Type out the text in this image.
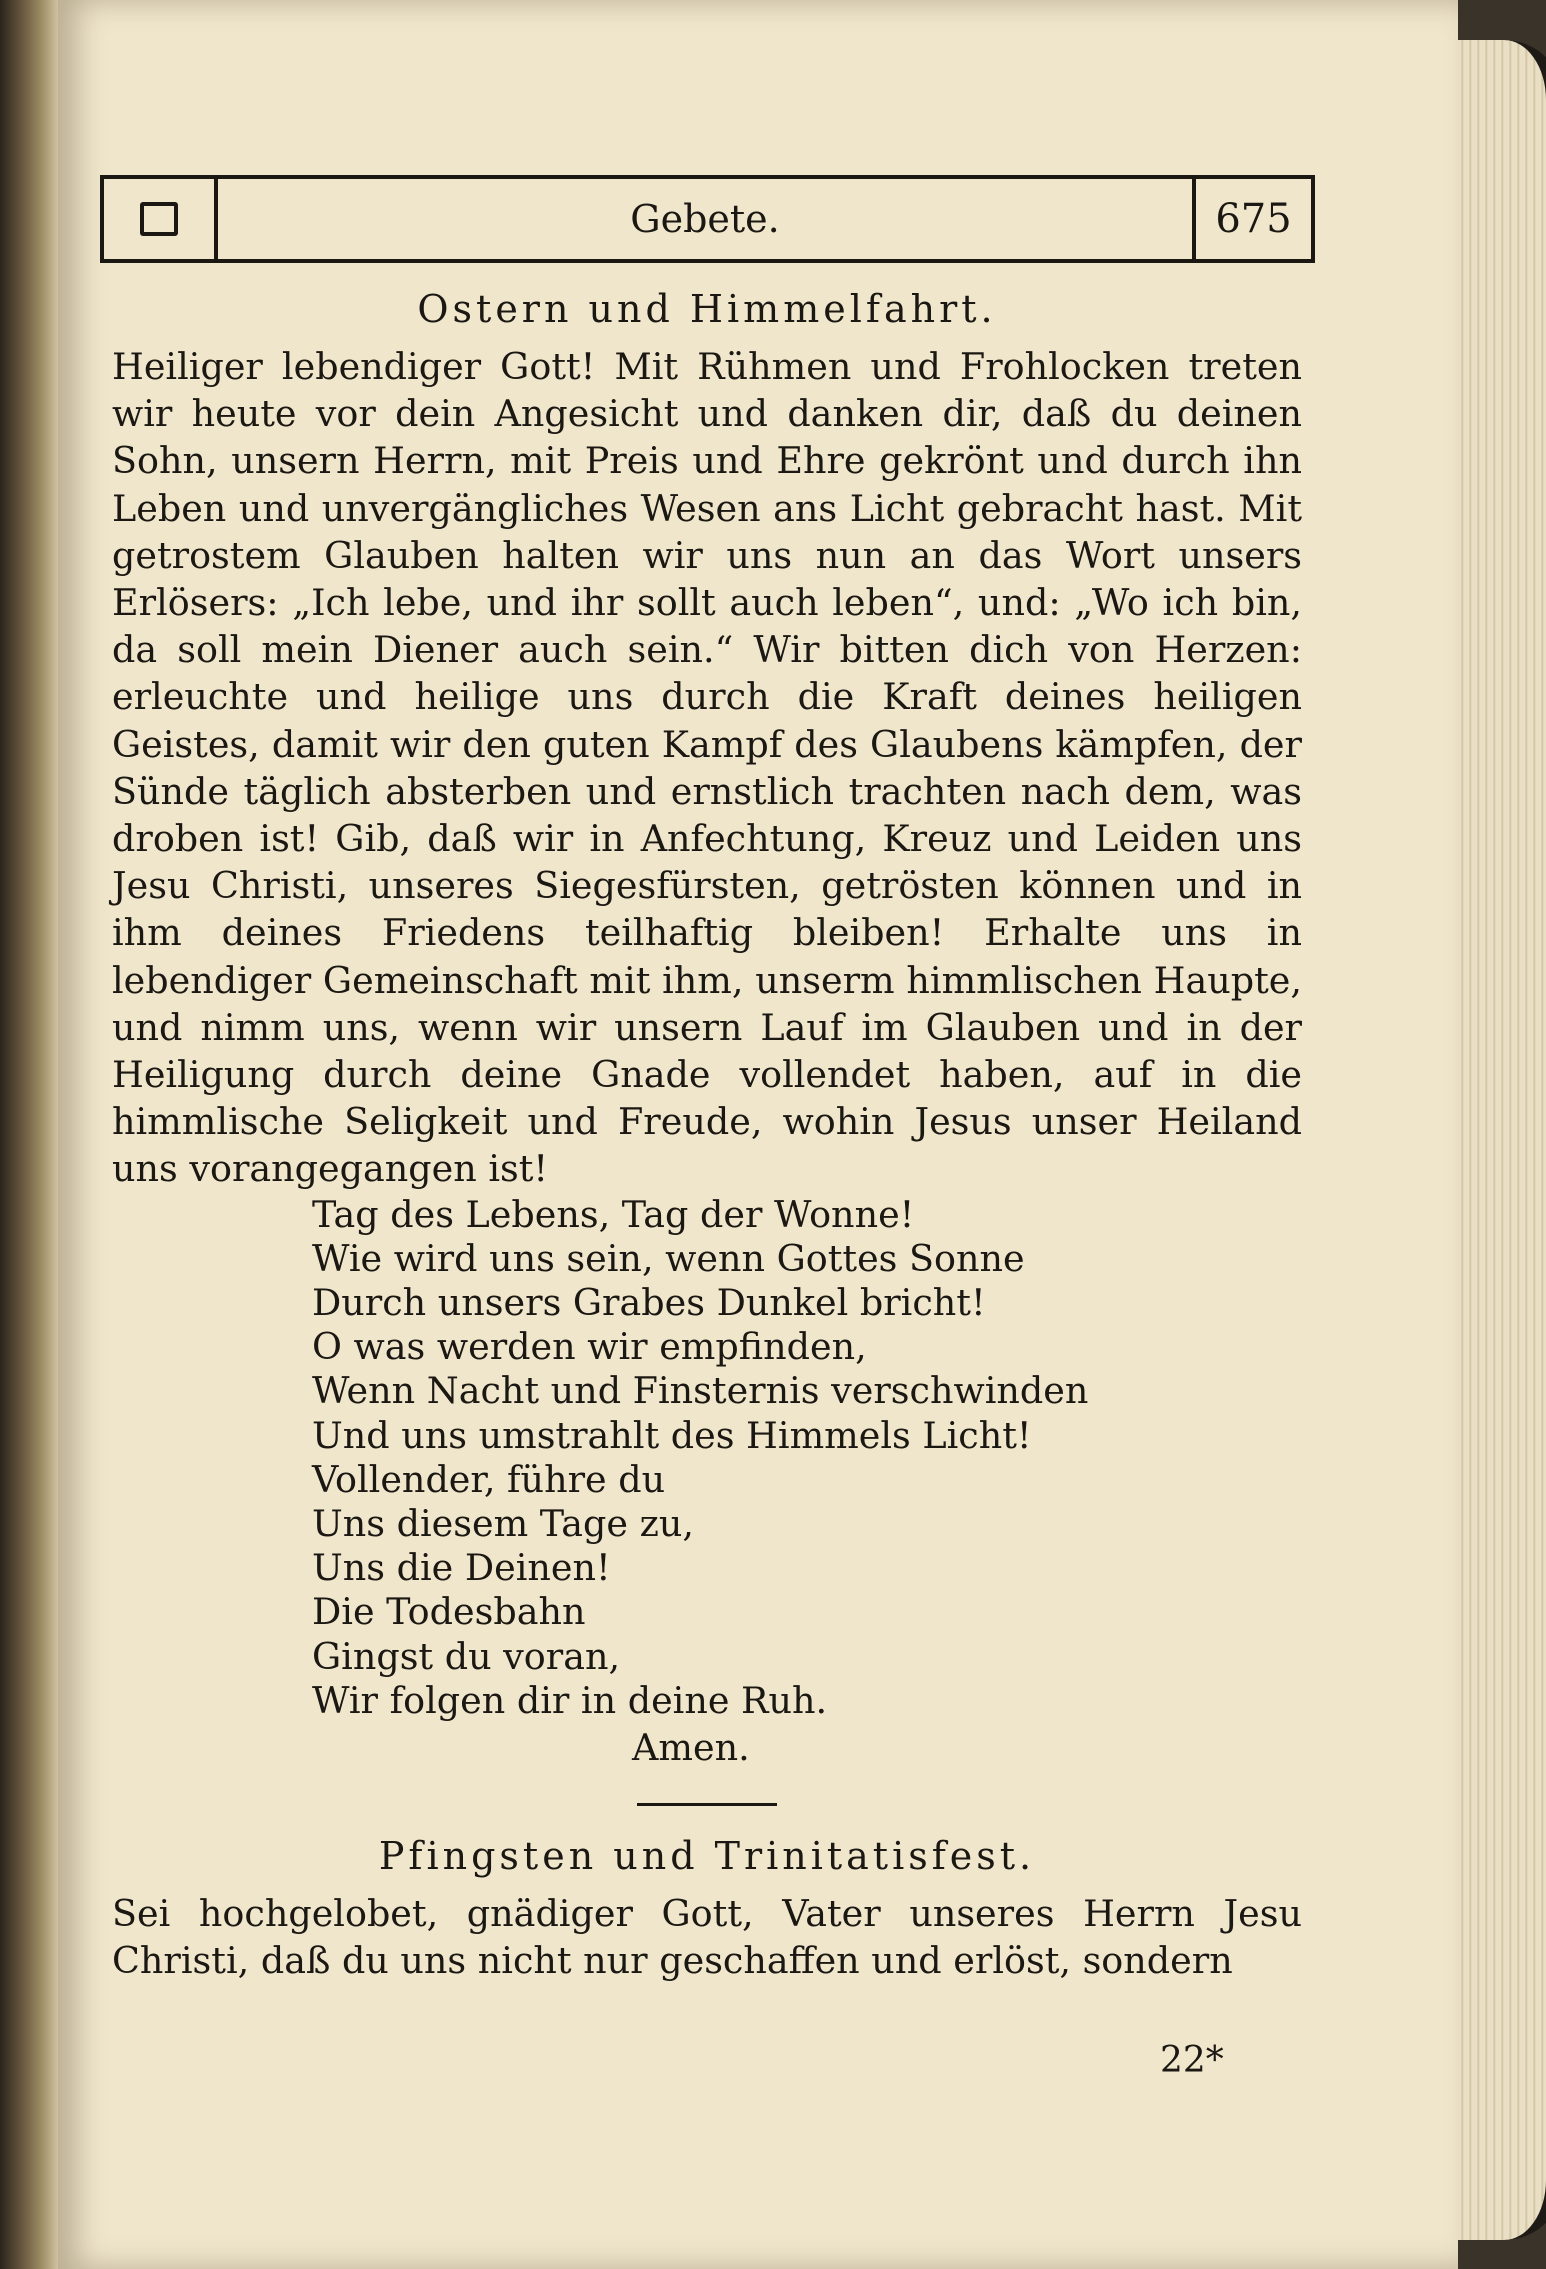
Gebete.	675
Ostern und Himmelfahrt.
Heiliger lebendiger Gott! Mit Rühmen und Frohlocken treten wir heute vor dein Angesicht und danken dir, daß du deinen Sohn, unsern Herrn, mit Preis und Ehre gekrönt und durch ihn Leben und unvergängliches Wesen ans Licht gebracht hast. Mit getrostem Glauben halten wir uns nun an das Wort unsers Erlösers: „Ich lebe, und ihr sollt auch leben“, und: „Wo ich bin, da soll mein Diener auch sein.“ Wir bitten dich von Herzen: erleuchte und heilige uns durch die Kraft deines heiligen Geistes, damit wir den guten Kampf des Glaubens kämpfen, der Sünde täglich absterben und ernstlich trachten nach dem, was droben ist! Gib, daß wir in Anfechtung, Kreuz und Leiden uns Jesu Christi, unseres Siegesfürsten, getrösten können und in ihm deines Friedens teilhaftig bleiben! Erhalte uns in lebendiger Gemeinschaft mit ihm, unserm himmlischen Haupte, und nimm uns, wenn wir unsern Lauf im Glauben und in der Heiligung durch deine Gnade vollendet haben, auf in die himmlische Seligkeit und Freude, wohin Jesus unser Heiland uns vorangegangen ist!
Tag des Lebens, Tag der Wonne!
Wie wird uns sein, wenn Gottes Sonne
Durch unsers Grabes Dunkel bricht!
O was werden wir empfinden,
Wenn Nacht und Finsternis verschwinden
Und uns umstrahlt des Himmels Licht!
Vollender, führe du
Uns diesem Tage zu,
Uns die Deinen!
Die Todesbahn
Gingst du voran,
Wir folgen dir in deine Ruh.
Amen.
Pfingsten und Trinitatisfest.
Sei hochgelobet, gnädiger Gott, Vater unseres Herrn Jesu Christi, daß du uns nicht nur geschaffen und erlöst, sondern
22*
